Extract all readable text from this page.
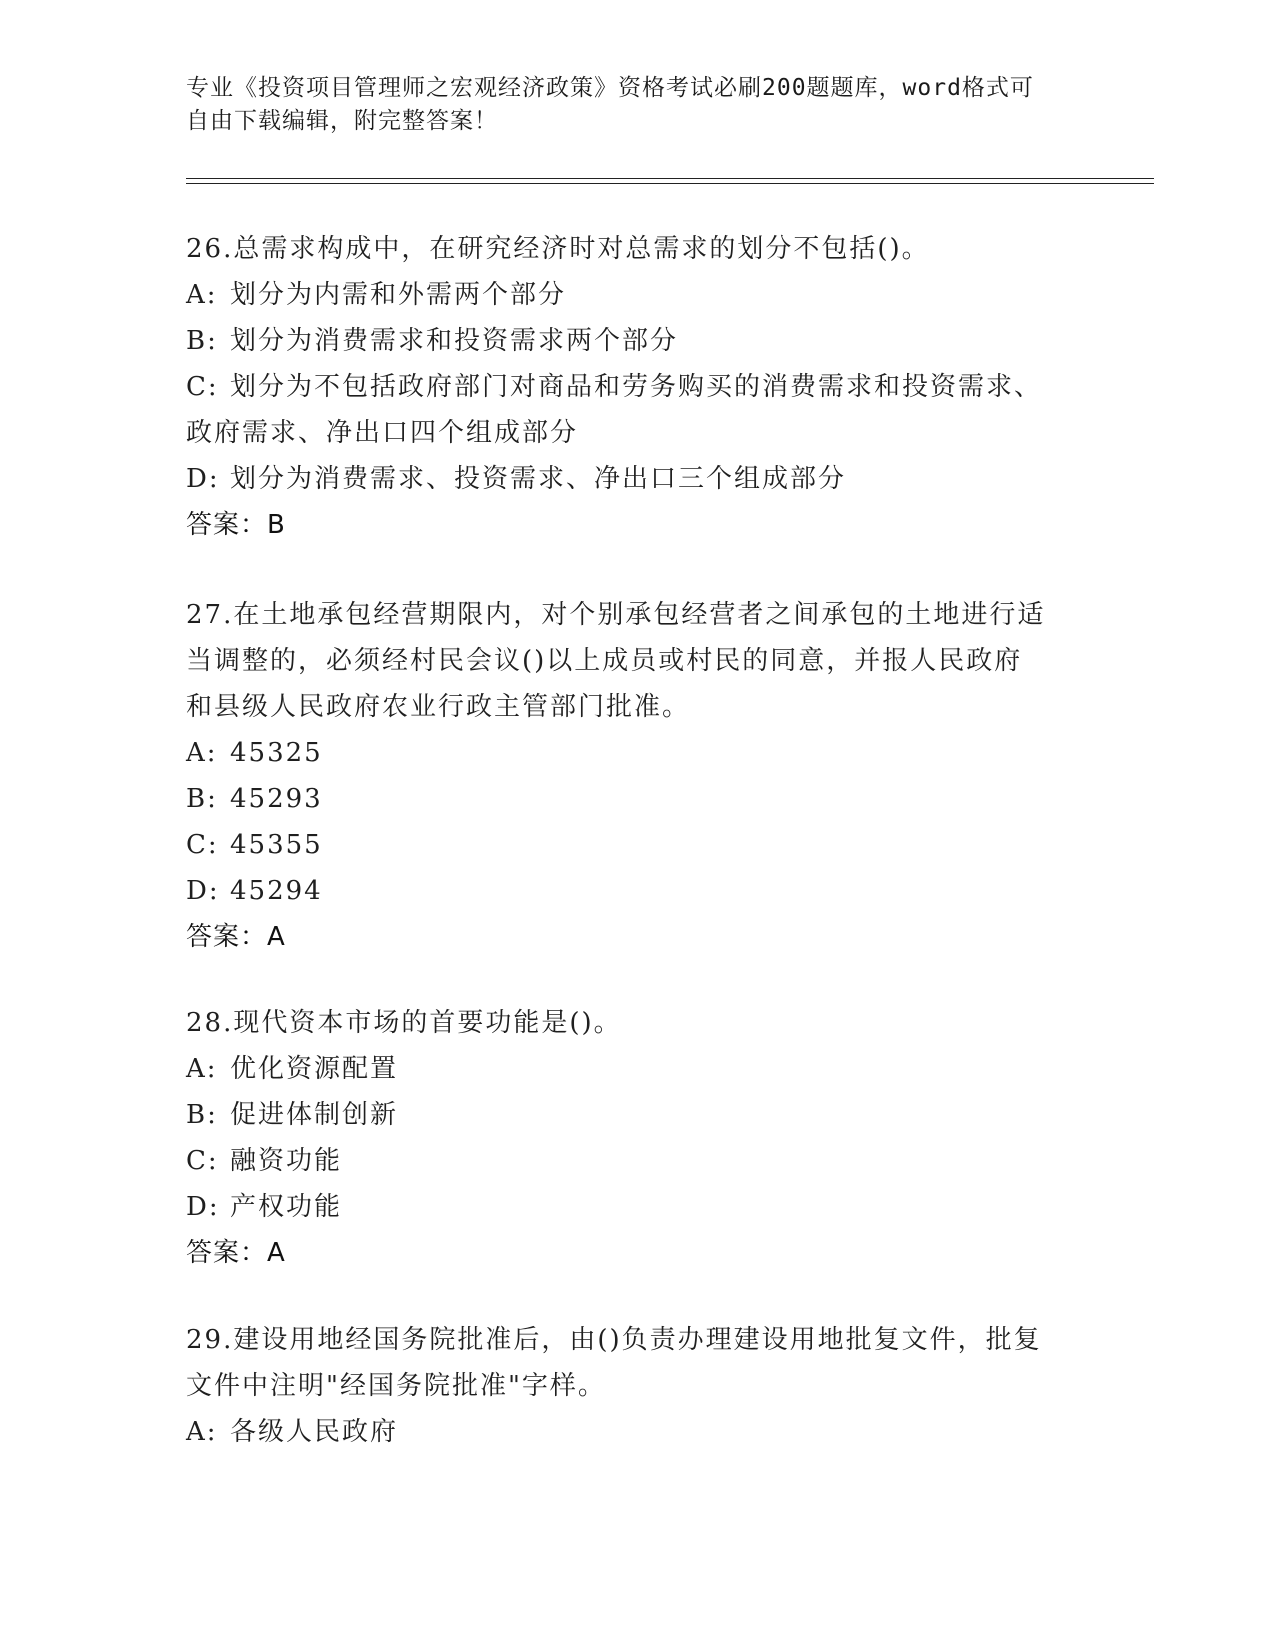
专业《投资项目管理师之宏观经济政策》资格考试必刷200题题库，word格式可
自由下载编辑，附完整答案！

26.总需求构成中，在研究经济时对总需求的划分不包括()。

A: 划分为内需和外需两个部分

B: 划分为消费需求和投资需求两个部分

C: 划分为不包括政府部门对商品和劳务购买的消费需求和投资需求、

政府需求、净出口四个组成部分

D: 划分为消费需求、投资需求、净出口三个组成部分

答案：B

27.在土地承包经营期限内，对个别承包经营者之间承包的土地进行适

当调整的，必须经村民会议()以上成员或村民的同意，并报人民政府

和县级人民政府农业行政主管部门批准。

A: 45325

B: 45293

C: 45355

D: 45294

答案：A

28.现代资本市场的首要功能是()。

A: 优化资源配置

B: 促进体制创新

C: 融资功能

D: 产权功能

答案：A

29.建设用地经国务院批准后，由()负责办理建设用地批复文件，批复

文件中注明"经国务院批准"字样。

A: 各级人民政府
